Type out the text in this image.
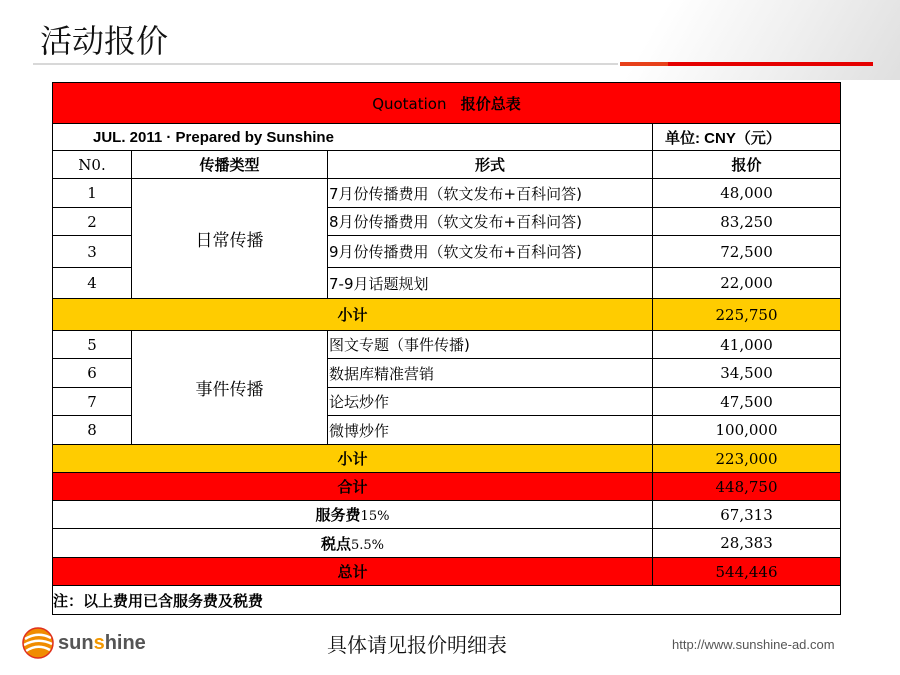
活动报价
Quotation 报价总表			
JUL. 2011 · Prepared by Sunshine			单位: CNY（元）
N0.	传播类型	形式	报价
1	日常传播	7月份传播费用（软文发布+百科问答)	48,000
2		8月份传播费用（软文发布+百科问答)	83,250
3		9月份传播费用（软文发布+百科问答)	72,500
4		7-9月话题规划	22,000
小计			225,750
5	事件传播	图文专题（事件传播)	41,000
6		数据库精准营销	34,500
7		论坛炒作	47,500
8		微博炒作	100,000
小计			223,000
合计			448,750
服务费15%			67,313
税点5.5%			28,383
总计			544,446
注：以上费用已含服务费及税费			
具体请见报价明细表
sunshine	http://www.sunshine-ad.com
